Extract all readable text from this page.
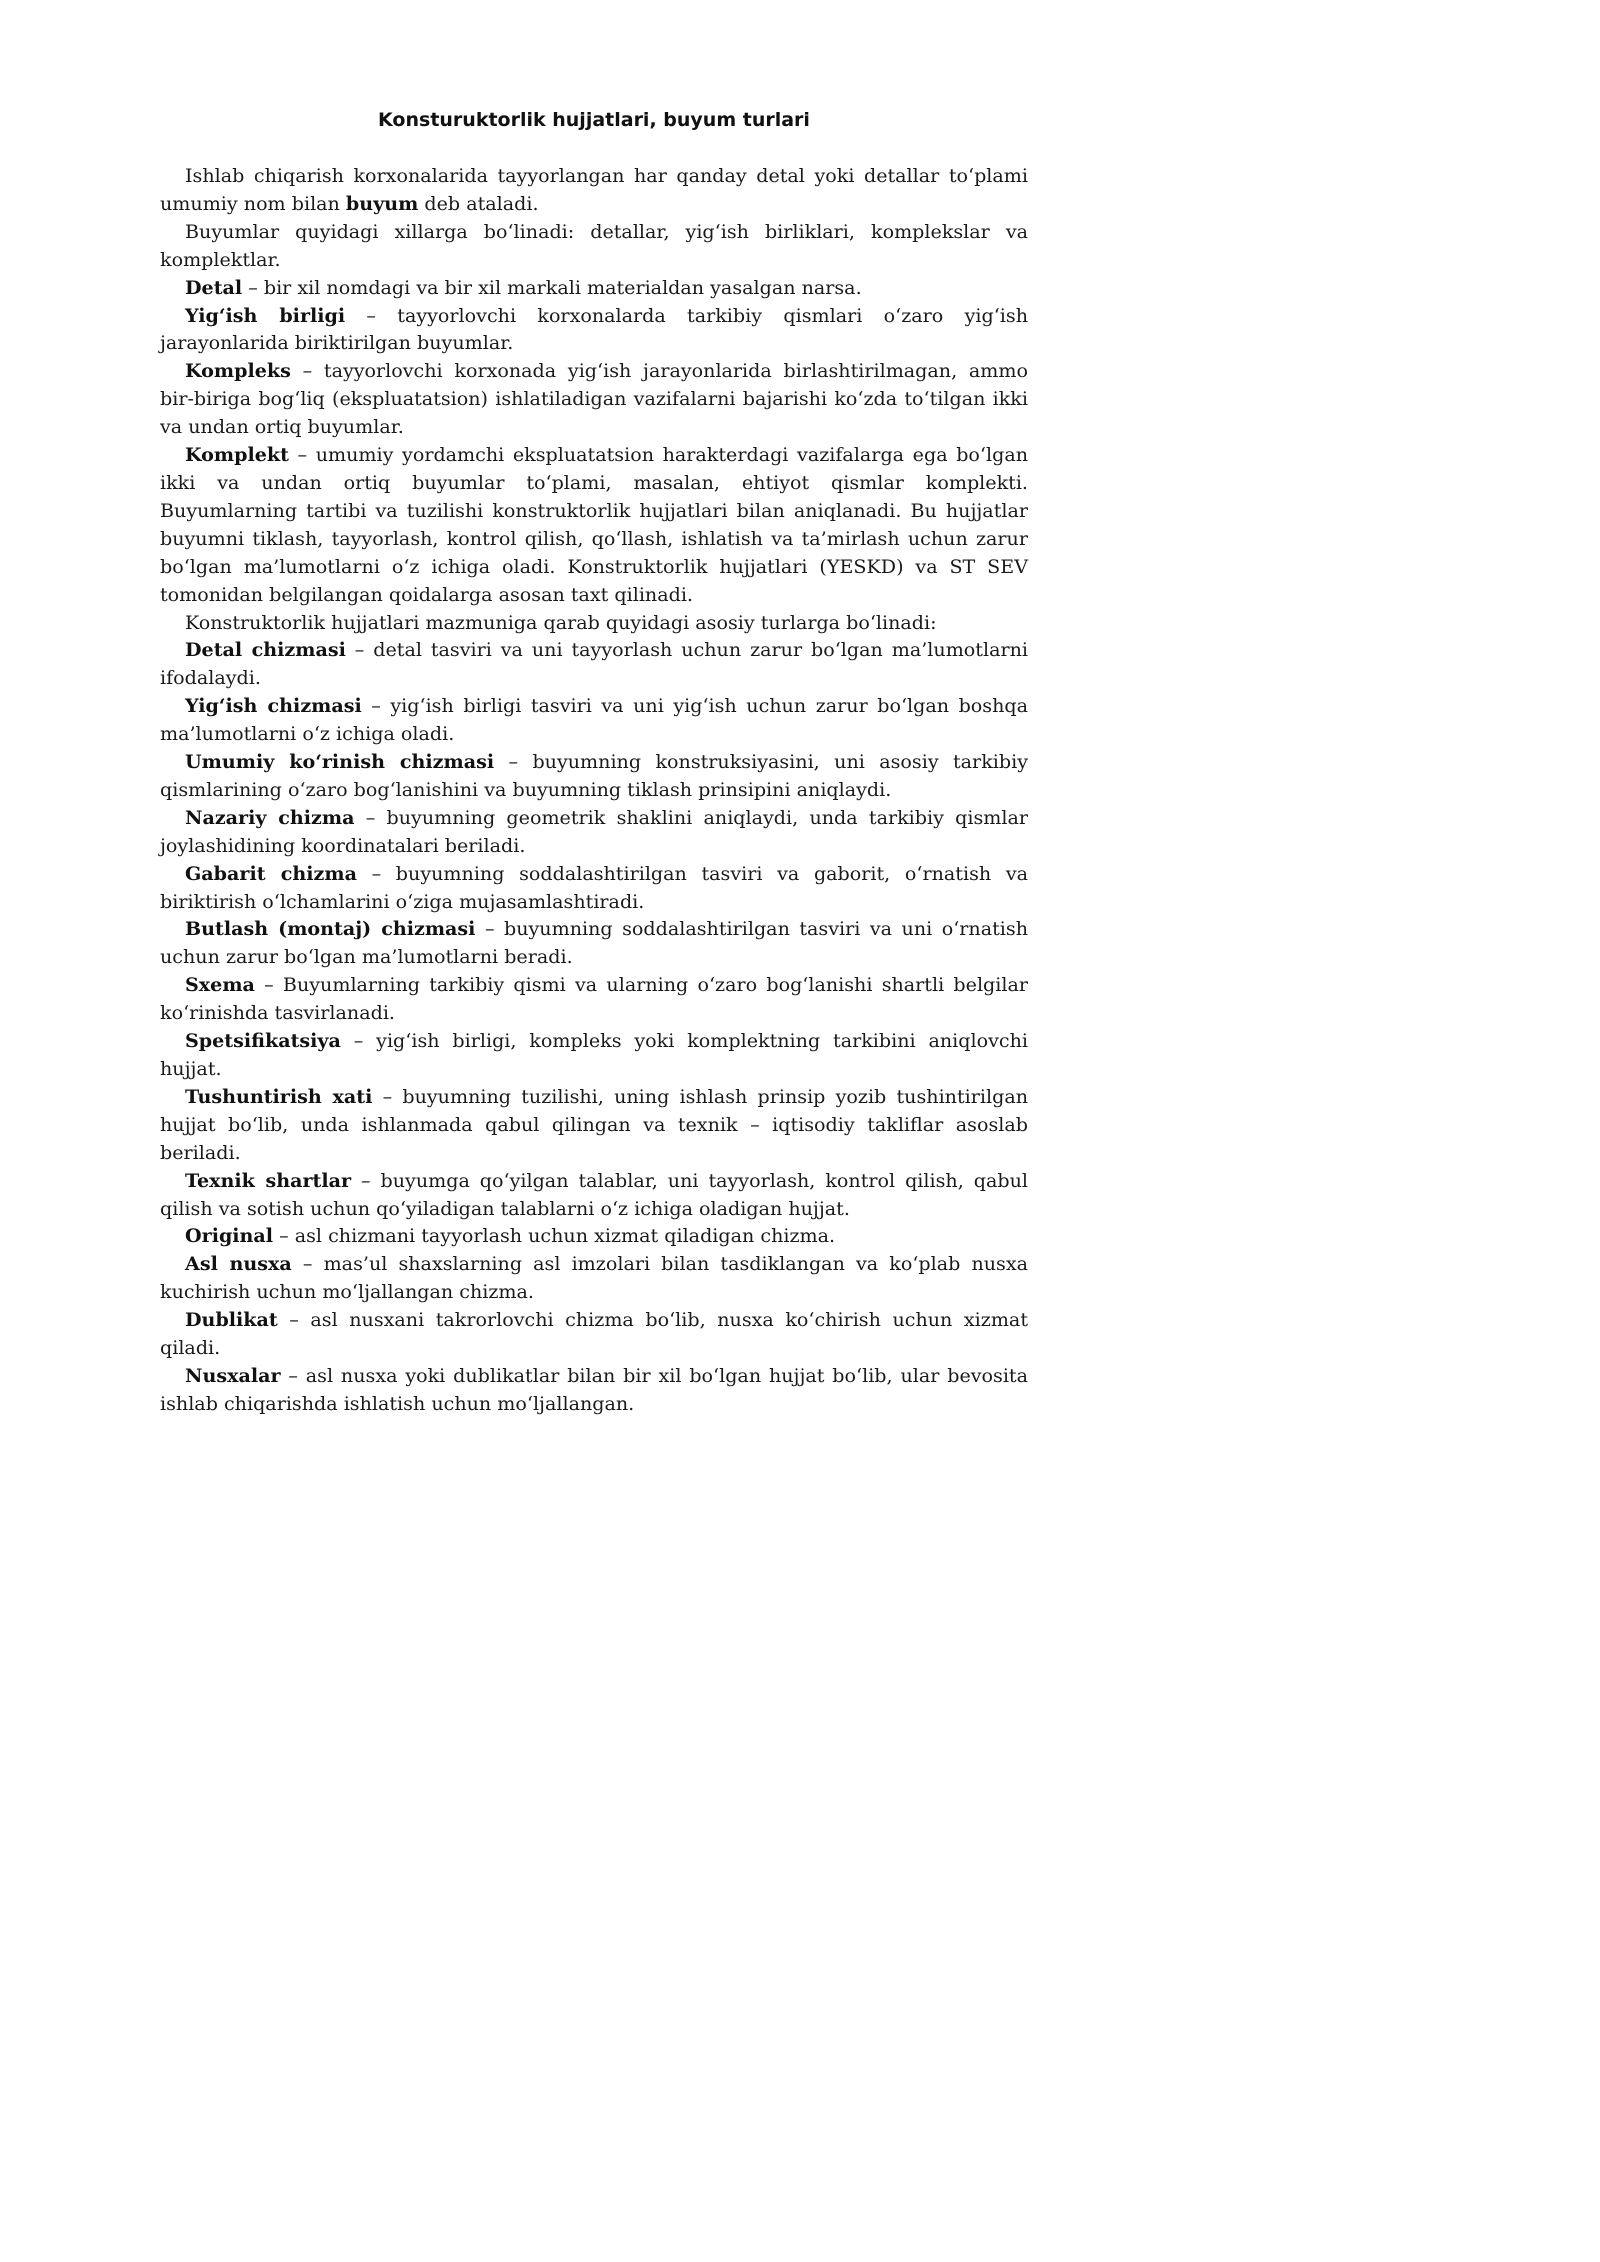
Konsturuktorlik hujjatlari, buyum turlari

Ishlab chiqarish korxonalarida tayyorlangan har qanday detal yoki detallar to‘plami umumiy nom bilan buyum deb ataladi.

Buyumlar quyidagi xillarga bo‘linadi: detallar, yig‘ish birliklari, komplekslar va komplektlar.

Detal – bir xil nomdagi va bir xil markali materialdan yasalgan narsa.

Yig‘ish birligi – tayyorlovchi korxonalarda tarkibiy qismlari o‘zaro yig‘ish jarayonlarida biriktirilgan buyumlar.

Kompleks – tayyorlovchi korxonada yig‘ish jarayonlarida birlashtirilmagan, ammo bir-biriga bog‘liq (ekspluatatsion) ishlatiladigan vazifalarni bajarishi ko‘zda to‘tilgan ikki va undan ortiq buyumlar.

Komplekt – umumiy yordamchi ekspluatatsion harakterdagi vazifalarga ega bo‘lgan ikki va undan ortiq buyumlar to‘plami, masalan, ehtiyot qismlar komplekti. Buyumlarning tartibi va tuzilishi konstruktorlik hujjatlari bilan aniqlanadi. Bu hujjatlar buyumni tiklash, tayyorlash, kontrol qilish, qo‘llash, ishlatish va ta’mirlash uchun zarur bo‘lgan ma’lumotlarni o‘z ichiga oladi. Konstruktorlik hujjatlari (YESKD) va ST SEV tomonidan belgilangan qoidalarga asosan taxt qilinadi.

Konstruktorlik hujjatlari mazmuniga qarab quyidagi asosiy turlarga bo‘linadi:

Detal chizmasi – detal tasviri va uni tayyorlash uchun zarur bo‘lgan ma’lumotlarni ifodalaydi.

Yig‘ish chizmasi – yig‘ish birligi tasviri va uni yig‘ish uchun zarur bo‘lgan boshqa ma’lumotlarni o‘z ichiga oladi.

Umumiy ko‘rinish chizmasi – buyumning konstruksiyasini, uni asosiy tarkibiy qismlarining o‘zaro bog‘lanishini va buyumning tiklash prinsipini aniqlaydi.

Nazariy chizma – buyumning geometrik shaklini aniqlaydi, unda tarkibiy qismlar joylashidining koordinatalari beriladi.

Gabarit chizma – buyumning soddalashtirilgan tasviri va gaborit, o‘rnatish va biriktirish o‘lchamlarini o‘ziga mujasamlashtiradi.

Butlash (montaj) chizmasi – buyumning soddalashtirilgan tasviri va uni o‘rnatish uchun zarur bo‘lgan ma’lumotlarni beradi.

Sxema – Buyumlarning tarkibiy qismi va ularning o‘zaro bog‘lanishi shartli belgilar ko‘rinishda tasvirlanadi.

Spetsifikatsiya – yig‘ish birligi, kompleks yoki komplektning tarkibini aniqlovchi hujjat.

Tushuntirish xati – buyumning tuzilishi, uning ishlash prinsip yozib tushintirilgan hujjat bo‘lib, unda ishlanmada qabul qilingan va texnik – iqtisodiy takliflar asoslab beriladi.

Texnik shartlar – buyumga qo‘yilgan talablar, uni tayyorlash, kontrol qilish, qabul qilish va sotish uchun qo‘yiladigan talablarni o‘z ichiga oladigan hujjat.

Original – asl chizmani tayyorlash uchun xizmat qiladigan chizma.

Asl nusxa – mas’ul shaxslarning asl imzolari bilan tasdiklangan va ko‘plab nusxa kuchirish uchun mo‘ljallangan chizma.

Dublikat – asl nusxani takrorlovchi chizma bo‘lib, nusxa ko‘chirish uchun xizmat qiladi.

Nusxalar – asl nusxa yoki dublikatlar bilan bir xil bo‘lgan hujjat bo‘lib, ular bevosita ishlab chiqarishda ishlatish uchun mo‘ljallangan.
